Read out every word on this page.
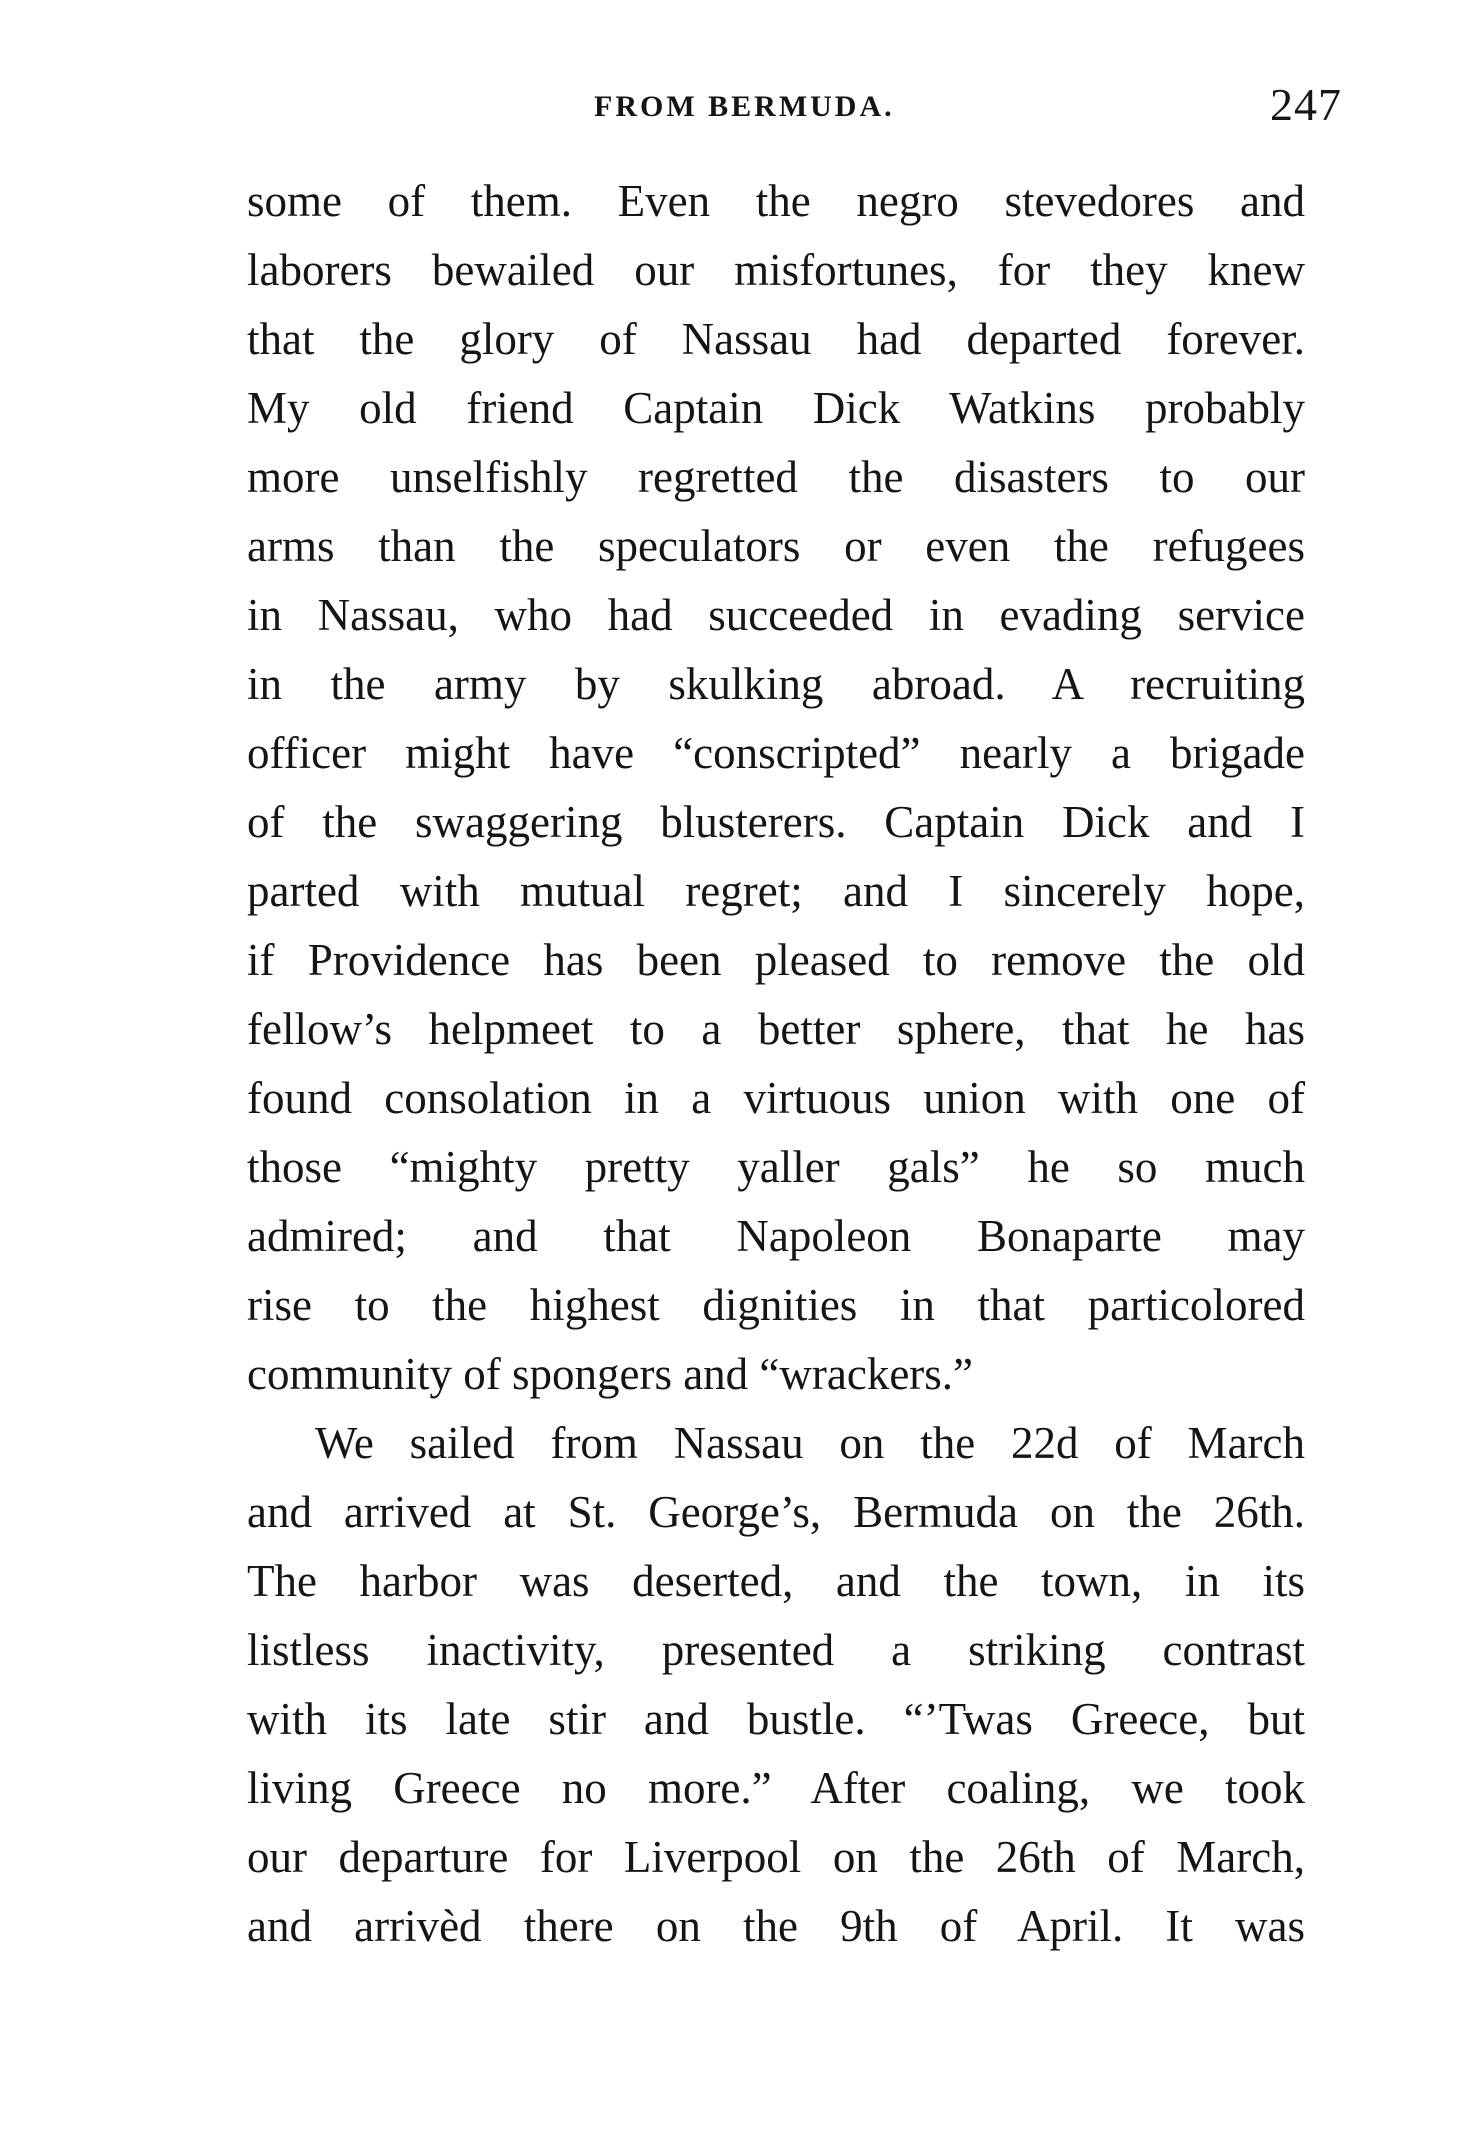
FROM BERMUDA.	247
some of them. Even the negro stevedores and
laborers bewailed our misfortunes, for they knew
that the glory of Nassau had departed forever.
My old friend Captain Dick Watkins probably
more unselfishly regretted the disasters to our
arms than the speculators or even the refugees
in Nassau, who had succeeded in evading service
in the army by skulking abroad. A recruiting
officer might have “conscripted” nearly a brigade
of the swaggering blusterers. Captain Dick and I
parted with mutual regret; and I sincerely hope,
if Providence has been pleased to remove the old
fellow’s helpmeet to a better sphere, that he has
found consolation in a virtuous union with one of
those “mighty pretty yaller gals” he so much
admired; and that Napoleon Bonaparte may
rise to the highest dignities in that particolored
community of spongers and “wrackers.”
We sailed from Nassau on the 22d of March
and arrived at St. George’s, Bermuda on the 26th.
The harbor was deserted, and the town, in its
listless inactivity, presented a striking contrast
with its late stir and bustle. “’Twas Greece, but
living Greece no more.” After coaling, we took
our departure for Liverpool on the 26th of March,
and arrivèd there on the 9th of April. It was
